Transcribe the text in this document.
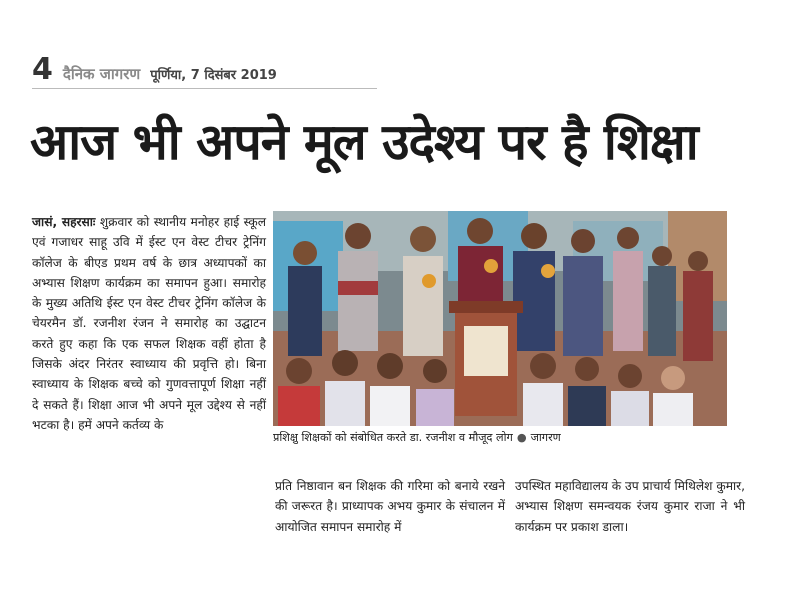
4 दैनिक जागरण पूर्णिया, 7 दिसंबर 2019
आज भी अपने मूल उदेश्य पर है शिक्षा
जासं, सहरसाः शुक्रवार को स्थानीय मनोहर हाई स्कूल एवं गजाधर साहू उवि में ईस्ट एन वेस्ट टीचर ट्रेनिंग कॉलेज के बीएड प्रथम वर्ष के छात्र अध्यापकों का अभ्यास शिक्षण कार्यक्रम का समापन हुआ। समारोह के मुख्य अतिथि ईस्ट एन वेस्ट टीचर ट्रेनिंग कॉलेज के चेयरमैन डॉ. रजनीश रंजन ने समारोह का उद्घाटन करते हुए कहा कि एक सफल शिक्षक वहीं होता है जिसके अंदर निरंतर स्वाध्याय की प्रवृत्ति हो। बिना स्वाध्याय के शिक्षक बच्चे को गुणवत्तापूर्ण शिक्षा नहीं दे सकते हैं। शिक्षा आज भी अपने मूल उद्देश्य से नहीं भटका है। हमें अपने कर्तव्य के
प्रशिक्षु शिक्षकों को संबोधित करते डा. रजनीश व मौजूद लोग ● जागरण
प्रति निष्ठावान बन शिक्षक की गरिमा को बनाये रखने की जरूरत है। प्राध्यापक अभय कुमार के संचालन में आयोजित समापन समारोह में
उपस्थित महाविद्यालय के उप प्राचार्य मिथिलेश कुमार, अभ्यास शिक्षण समन्वयक रंजय कुमार राजा ने भी कार्यक्रम पर प्रकाश डाला।
